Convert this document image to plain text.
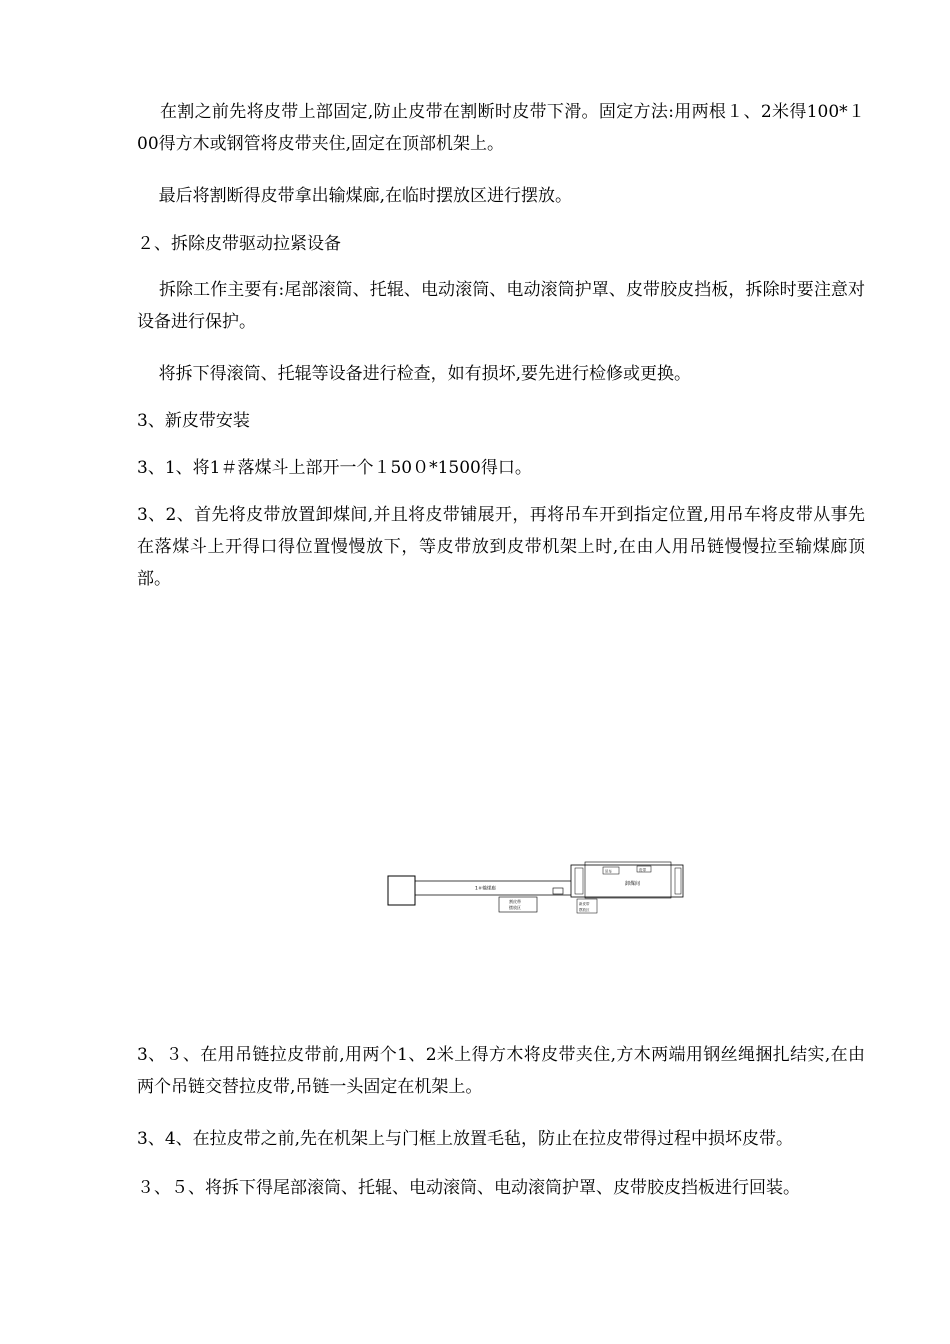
在割之前先将皮带上部固定,防止皮带在割断时皮带下滑。固定方法:用两根１、2米得100*１00得方木或钢管将皮带夹住,固定在顶部机架上。

最后将割断得皮带拿出输煤廊,在临时摆放区进行摆放。

２、拆除皮带驱动拉紧设备

拆除工作主要有:尾部滚筒、托辊、电动滚筒、电动滚筒护罩、皮带胶皮挡板，拆除时要注意对设备进行保护。

将拆下得滚筒、托辊等设备进行检查，如有损坏,要先进行检修或更换。

3、新皮带安装

3、1、将1＃落煤斗上部开一个１50０*1500得口。

3、2、首先将皮带放置卸煤间,并且将皮带铺展开，再将吊车开到指定位置,用吊车将皮带从事先在落煤斗上开得口得位置慢慢放下，等皮带放到皮带机架上时,在由人用吊链慢慢拉至输煤廊顶部。

1＃输煤廊
割皮带
摆放区
吊车	皮带
卸煤间
新皮带
摆放区

3、３、在用吊链拉皮带前,用两个1、2米上得方木将皮带夹住,方木两端用钢丝绳捆扎结实,在由两个吊链交替拉皮带,吊链一头固定在机架上。

3、4、在拉皮带之前,先在机架上与门框上放置毛毡，防止在拉皮带得过程中损坏皮带。

３、５、将拆下得尾部滚筒、托辊、电动滚筒、电动滚筒护罩、皮带胶皮挡板进行回装。
